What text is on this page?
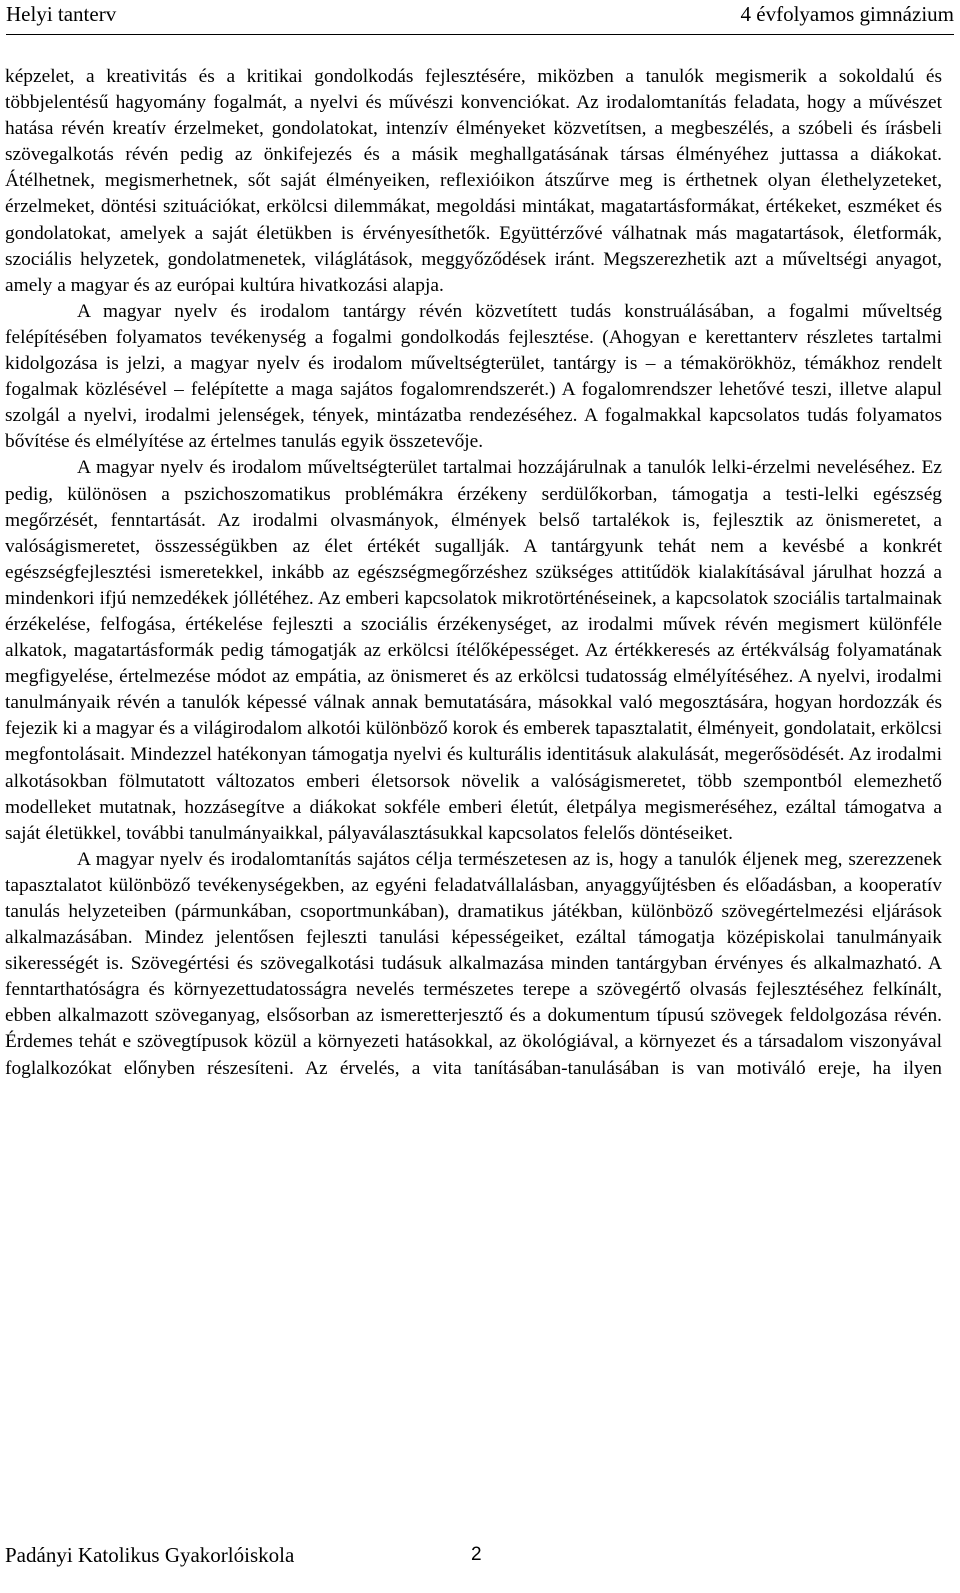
Helyi tanterv	4 évfolyamos gimnázium

képzelet, a kreativitás és a kritikai gondolkodás fejlesztésére, miközben a tanulók megismerik a sokoldalú és többjelentésű hagyomány fogalmát, a nyelvi és művészi konvenciókat. Az irodalomtanítás feladata, hogy a művészet hatása révén kreatív érzelmeket, gondolatokat, intenzív élményeket közvetítsen, a megbeszélés, a szóbeli és írásbeli szövegalkotás révén pedig az önkifejezés és a másik meghallgatásának társas élményéhez juttassa a diákokat. Átélhetnek, megismerhetnek, sőt saját élményeiken, reflexióikon átszűrve meg is érthetnek olyan élethelyzeteket, érzelmeket, döntési szituációkat, erkölcsi dilemmákat, megoldási mintákat, magatartásformákat, értékeket, eszméket és gondolatokat, amelyek a saját életükben is érvényesíthetők. Együttérzővé válhatnak más magatartások, életformák, szociális helyzetek, gondolatmenetek, világlátások, meggyőződések iránt. Megszerezhetik azt a műveltségi anyagot, amely a magyar és az európai kultúra hivatkozási alapja.

A magyar nyelv és irodalom tantárgy révén közvetített tudás konstruálásában, a fogalmi műveltség felépítésében folyamatos tevékenység a fogalmi gondolkodás fejlesztése. (Ahogyan e kerettanterv részletes tartalmi kidolgozása is jelzi, a magyar nyelv és irodalom műveltségterület, tantárgy is – a témakörökhöz, témákhoz rendelt fogalmak közlésével – felépítette a maga sajátos fogalomrendszerét.) A fogalomrendszer lehetővé teszi, illetve alapul szolgál a nyelvi, irodalmi jelenségek, tények, mintázatba rendezéséhez. A fogalmakkal kapcsolatos tudás folyamatos bővítése és elmélyítése az értelmes tanulás egyik összetevője.

A magyar nyelv és irodalom műveltségterület tartalmai hozzájárulnak a tanulók lelki-érzelmi neveléséhez. Ez pedig, különösen a pszichoszomatikus problémákra érzékeny serdülőkorban, támogatja a testi-lelki egészség megőrzését, fenntartását. Az irodalmi olvasmányok, élmények belső tartalékok is, fejlesztik az önismeretet, a valóságismeretet, összességükben az élet értékét sugallják. A tantárgyunk tehát nem a kevésbé a konkrét egészségfejlesztési ismeretekkel, inkább az egészségmegőrzéshez szükséges attitűdök kialakításával járulhat hozzá a mindenkori ifjú nemzedékek jóllétéhez. Az emberi kapcsolatok mikrotörténéseinek, a kapcsolatok szociális tartalmainak érzékelése, felfogása, értékelése fejleszti a szociális érzékenységet, az irodalmi művek révén megismert különféle alkatok, magatartásformák pedig támogatják az erkölcsi ítélőképességet. Az értékkeresés az értékválság folyamatának megfigyelése, értelmezése módot az empátia, az önismeret és az erkölcsi tudatosság elmélyítéséhez. A nyelvi, irodalmi tanulmányaik révén a tanulók képessé válnak annak bemutatására, másokkal való megosztására, hogyan hordozzák és fejezik ki a magyar és a világirodalom alkotói különböző korok és emberek tapasztalatit, élményeit, gondolatait, erkölcsi megfontolásait. Mindezzel hatékonyan támogatja nyelvi és kulturális identitásuk alakulását, megerősödését. Az irodalmi alkotásokban fölmutatott változatos emberi életsorsok növelik a valóságismeretet, több szempontból elemezhető modelleket mutatnak, hozzásegítve a diákokat sokféle emberi életút, életpálya megismeréséhez, ezáltal támogatva a saját életükkel, további tanulmányaikkal, pályaválasztásukkal kapcsolatos felelős döntéseiket.

A magyar nyelv és irodalomtanítás sajátos célja természetesen az is, hogy a tanulók éljenek meg, szerezzenek tapasztalatot különböző tevékenységekben, az egyéni feladatvállalásban, anyaggyűjtésben és előadásban, a kooperatív tanulás helyzeteiben (pármunkában, csoportmunkában), dramatikus játékban, különböző szövegértelmezési eljárások alkalmazásában. Mindez jelentősen fejleszti tanulási képességeiket, ezáltal támogatja középiskolai tanulmányaik sikerességét is. Szövegértési és szövegalkotási tudásuk alkalmazása minden tantárgyban érvényes és alkalmazható. A fenntarthatóságra és környezettudatosságra nevelés természetes terepe a szövegértő olvasás fejlesztéséhez felkínált, ebben alkalmazott szöveganyag, elsősorban az ismeretterjesztő és a dokumentum típusú szövegek feldolgozása révén. Érdemes tehát e szövegtípusok közül a környezeti hatásokkal, az ökológiával, a környezet és a társadalom viszonyával foglalkozókat előnyben részesíteni. Az érvelés, a vita tanításában-tanulásában is van motiváló ereje, ha ilyen

Padányi Katolikus Gyakorlóiskola	2
